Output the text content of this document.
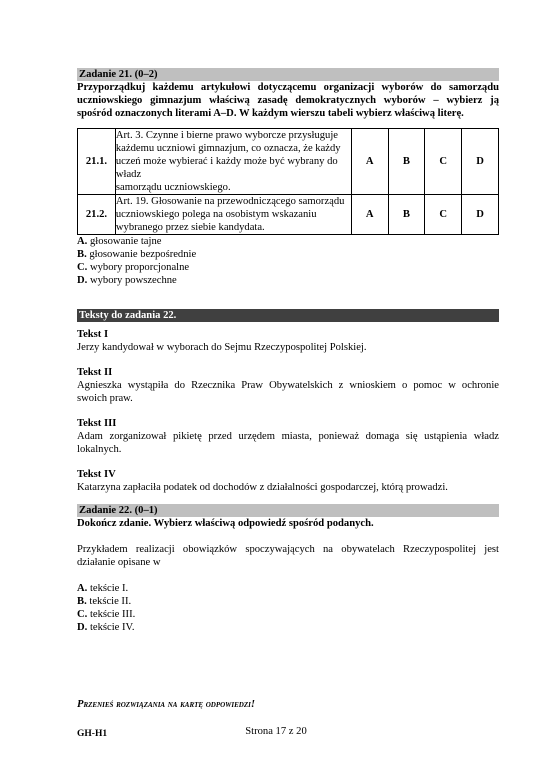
Zadanie 21. (0–2)
Przyporządkuj każdemu artykułowi dotyczącemu organizacji wyborów do samorządu
uczniowskiego gimnazjum właściwą zasadę demokratycznych wyborów – wybierz ją
spośród oznaczonych literami A–D. W każdym wierszu tabeli wybierz właściwą literę.
21.1.	Art. 3. Czynne i bierne prawo wyborcze przysługuje
każdemu uczniowi gimnazjum, co oznacza, że każdy
uczeń może wybierać i każdy może być wybrany do władz
samorządu uczniowskiego.	A	B	C	D
21.2.	Art. 19. Głosowanie na przewodniczącego samorządu
uczniowskiego polega na osobistym wskazaniu
wybranego przez siebie kandydata.	A	B	C	D
A. głosowanie tajne
B. głosowanie bezpośrednie
C. wybory proporcjonalne
D. wybory powszechne
Teksty do zadania 22.
Tekst I
Jerzy kandydował w wyborach do Sejmu Rzeczypospolitej Polskiej.
Tekst II
Agnieszka wystąpiła do Rzecznika Praw Obywatelskich z wnioskiem o pomoc w ochronie
swoich praw.
Tekst III
Adam zorganizował pikietę przed urzędem miasta, ponieważ domaga się ustąpienia władz
lokalnych.
Tekst IV
Katarzyna zapłaciła podatek od dochodów z działalności gospodarczej, którą prowadzi.
Zadanie 22. (0–1)
Dokończ zdanie. Wybierz właściwą odpowiedź spośród podanych.
Przykładem realizacji obowiązków spoczywających na obywatelach Rzeczypospolitej jest
działanie opisane w
A. tekście I.
B. tekście II.
C. tekście III.
D. tekście IV.
Przenieś rozwiązania na kartę odpowiedzi!
GH-H1	Strona 17 z 20
